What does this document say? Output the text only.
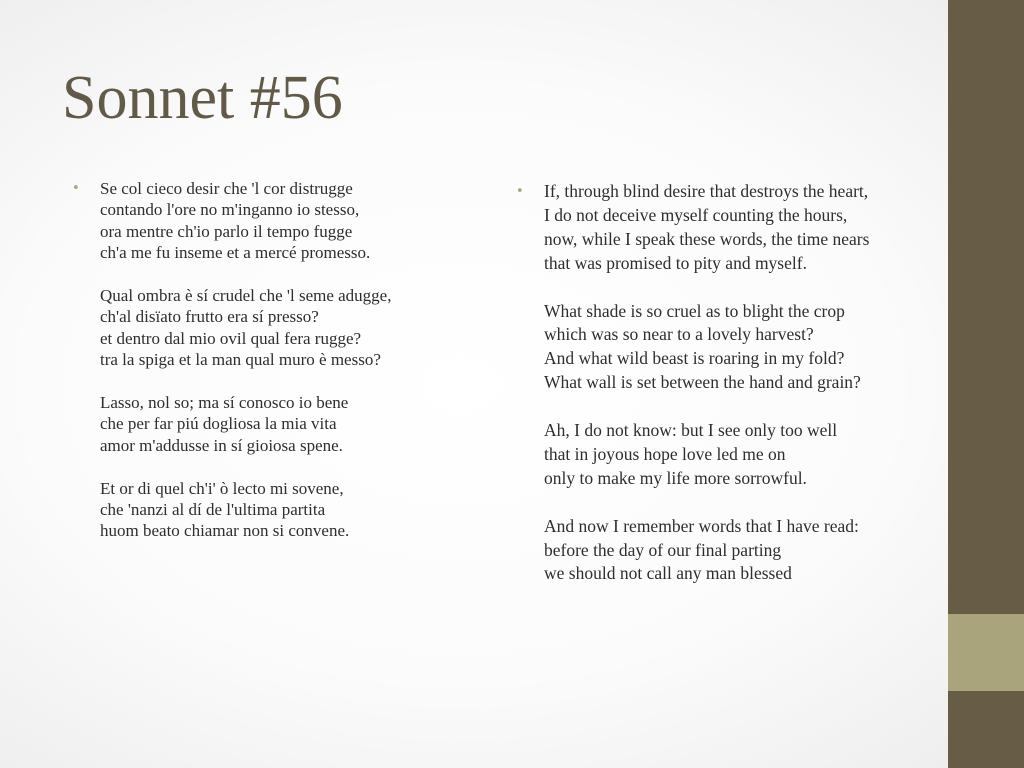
Sonnet #56
• Se col cieco desir che 'l cor distrugge
contando l'ore no m'inganno io stesso,
ora mentre ch'io parlo il tempo fugge
ch'a me fu inseme et a mercé promesso.

Qual ombra è sí crudel che 'l seme adugge,
ch'al disïato frutto era sí presso?
et dentro dal mio ovil qual fera rugge?
tra la spiga et la man qual muro è messo?

Lasso, nol so; ma sí conosco io bene
che per far piú dogliosa la mia vita
amor m'addusse in sí gioiosa spene.

Et or di quel ch'i' ò lecto mi sovene,
che 'nanzi al dí de l'ultima partita
huom beato chiamar non si convene.

• If, through blind desire that destroys the heart,
I do not deceive myself counting the hours,
now, while I speak these words, the time nears
that was promised to pity and myself.

What shade is so cruel as to blight the crop
which was so near to a lovely harvest?
And what wild beast is roaring in my fold?
What wall is set between the hand and grain?

Ah, I do not know: but I see only too well
that in joyous hope love led me on
only to make my life more sorrowful.

And now I remember words that I have read:
before the day of our final parting
we should not call any man blessed
